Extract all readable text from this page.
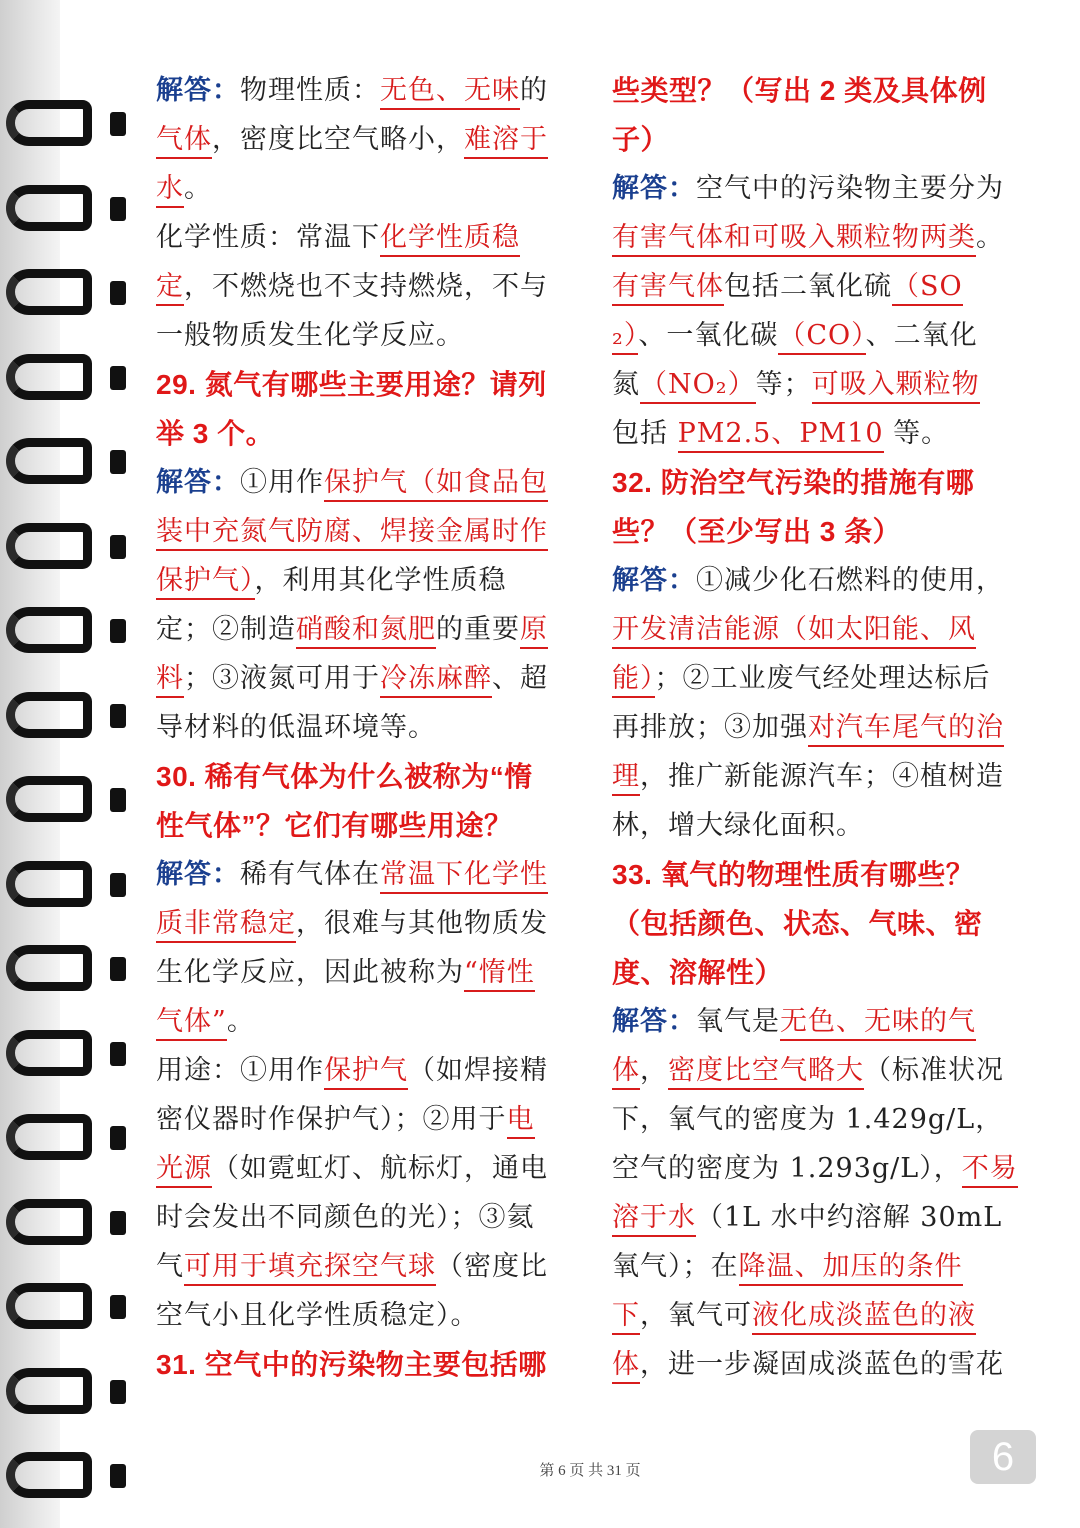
解答：物理性质：无色、无味的
气体，密度比空气略小，难溶于
水。
化学性质：常温下化学性质稳
定，不燃烧也不支持燃烧，不与
一般物质发生化学反应。
29. 氮气有哪些主要用途？请列
举 3 个。
解答：①用作保护气（如食品包
装中充氮气防腐、焊接金属时作
保护气），利用其化学性质稳
定；②制造硝酸和氮肥的重要原
料；③液氮可用于冷冻麻醉、超
导材料的低温环境等。
30. 稀有气体为什么被称为“惰
性气体”？它们有哪些用途？
解答：稀有气体在常温下化学性
质非常稳定，很难与其他物质发
生化学反应，因此被称为“惰性
气体”。
用途：①用作保护气（如焊接精
密仪器时作保护气）；②用于电
光源（如霓虹灯、航标灯，通电
时会发出不同颜色的光）；③氦
气可用于填充探空气球（密度比
空气小且化学性质稳定）。
31. 空气中的污染物主要包括哪
些类型？（写出 2 类及具体例
子）
解答：空气中的污染物主要分为
有害气体和可吸入颗粒物两类。
有害气体包括二氧化硫（SO
₂）、一氧化碳（CO）、二氧化
氮（NO₂）等；可吸入颗粒物
包括 PM2.5、PM10 等。
32. 防治空气污染的措施有哪
些？（至少写出 3 条）
解答：①减少化石燃料的使用，
开发清洁能源（如太阳能、风
能）；②工业废气经处理达标后
再排放；③加强对汽车尾气的治
理，推广新能源汽车；④植树造
林，增大绿化面积。
33. 氧气的物理性质有哪些？
（包括颜色、状态、气味、密
度、溶解性）
解答：氧气是无色、无味的气
体，密度比空气略大（标准状况
下，氧气的密度为 1.429g/L，
空气的密度为 1.293g/L），不易
溶于水（1L 水中约溶解 30mL
氧气）；在降温、加压的条件
下，氧气可液化成淡蓝色的液
体，进一步凝固成淡蓝色的雪花
第 6 页 共 31 页	6
